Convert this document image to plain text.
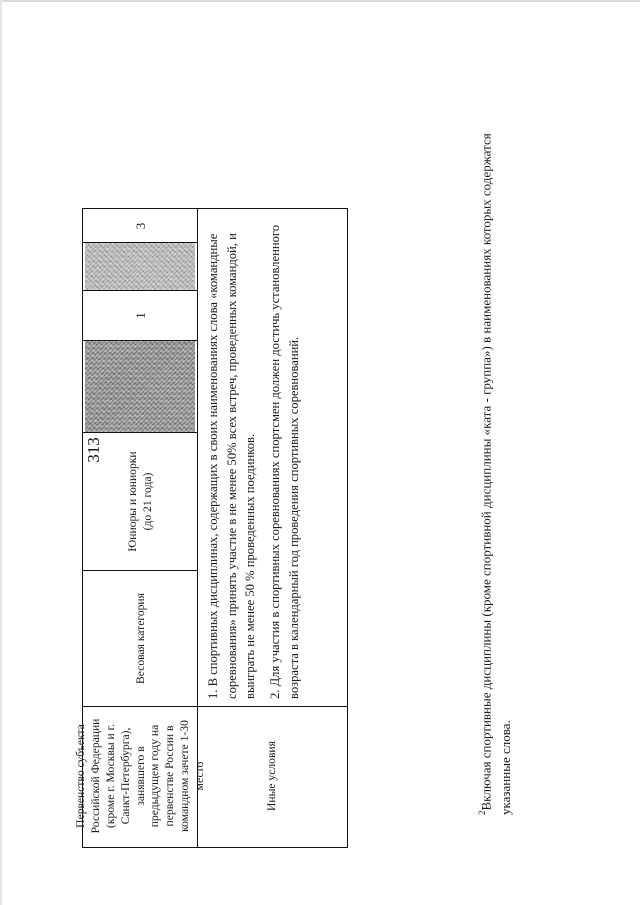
313
Первенство субъекта Российской Федерации (кроме г. Москвы и г. Санкт-Петербурга), занявшего в предыдущем году на первенстве России в командном зачете 1-30 место
Весовая категория
Юниоры и юниорки (до 21 года)
1
3
Иные условия

1. В спортивных дисциплинах, содержащих в своих наименованиях слова «командные соревнования» принять участие в не менее 50% всех встреч, проведенных командой, и выиграть не менее 50 % проведенных поединков. 2. Для участия в спортивных соревнованиях спортсмен должен достичь установленного возраста в календарный год проведения спортивных соревнований.

$^2$Включая спортивные дисциплины (кроме спортивной дисциплины «ката - группа») в наименованиях которых содержатся указанные слова.
